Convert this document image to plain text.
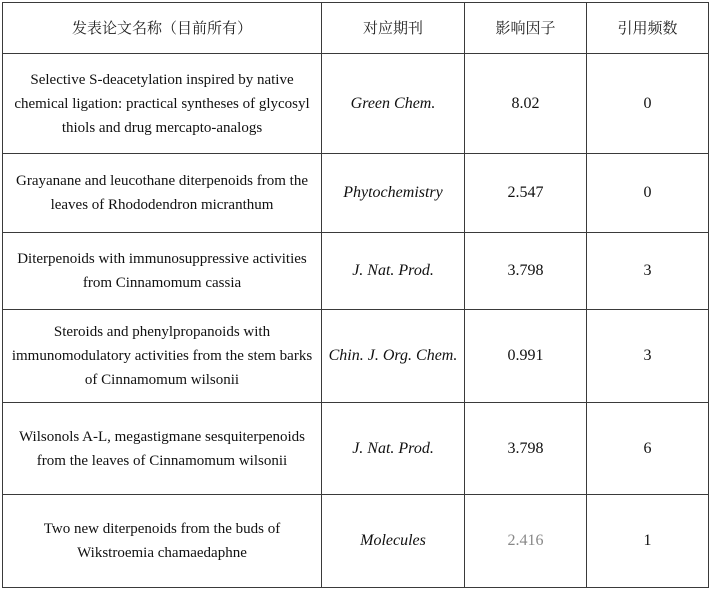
发表论文名称（目前所有）	对应期刊	影响因子	引用频数
Selective S-deacetylation inspired by native chemical ligation: practical syntheses of glycosyl thiols and drug mercapto-analogs	Green Chem.	8.02	0
Grayanane and leucothane diterpenoids from the leaves of Rhododendron micranthum	Phytochemistry	2.547	0
Diterpenoids with immunosuppressive activities from Cinnamomum cassia	J. Nat. Prod.	3.798	3
Steroids and phenylpropanoids with immunomodulatory activities from the stem barks of Cinnamomum wilsonii	Chin. J. Org. Chem.	0.991	3
Wilsonols A-L, megastigmane sesquiterpenoids from the leaves of Cinnamomum wilsonii	J. Nat. Prod.	3.798	6
Two new diterpenoids from the buds of Wikstroemia chamaedaphne	Molecules	2.416	1
